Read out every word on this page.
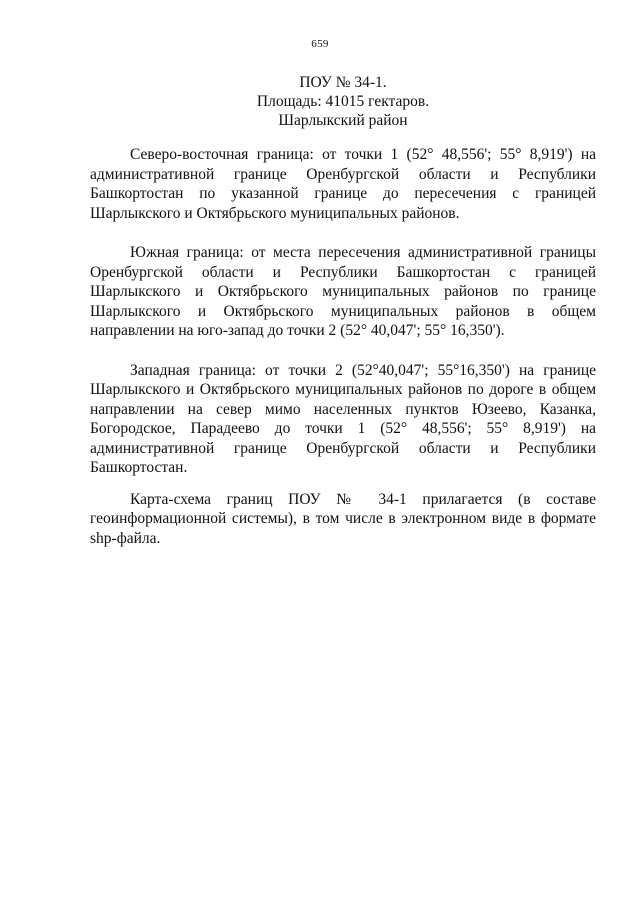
659
ПОУ № 34-1.
Площадь: 41015 гектаров.
Шарлыкский район

Северо-восточная граница: от точки 1 (52° 48,556'; 55° 8,919') на административной границе Оренбургской области и Республики Башкортостан по указанной границе до пересечения с границей Шарлыкского и Октябрьского муниципальных районов.

Южная граница: от места пересечения административной границы Оренбургской области и Республики Башкортостан с границей Шарлыкского и Октябрьского муниципальных районов по границе Шарлыкского и Октябрьского муниципальных районов в общем направлении на юго-запад до точки 2 (52° 40,047'; 55° 16,350').

Западная граница: от точки 2 (52°40,047'; 55°16,350') на границе Шарлыкского и Октябрьского муниципальных районов по дороге в общем направлении на север мимо населенных пунктов Юзеево, Казанка, Богородское, Парадеево до точки 1 (52° 48,556'; 55° 8,919') на административной границе Оренбургской области и Республики Башкортостан.

Карта-схема границ ПОУ № 34-1 прилагается (в составе геоинформационной системы), в том числе в электронном виде в формате shp-файла.
